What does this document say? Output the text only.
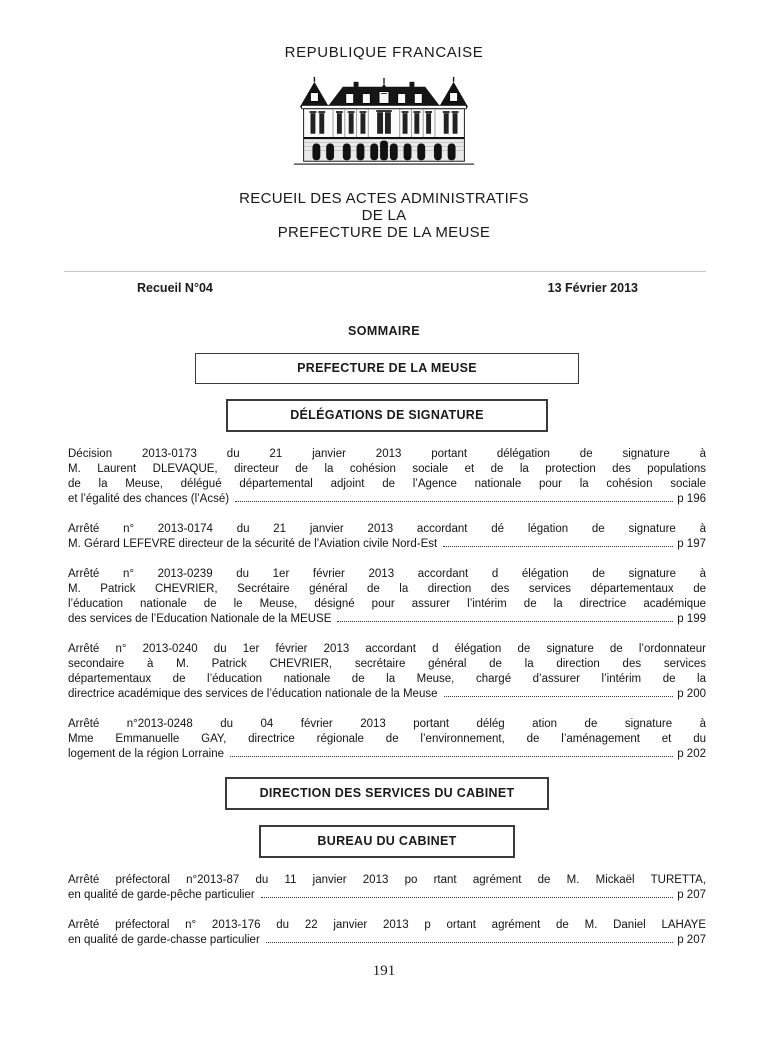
REPUBLIQUE FRANCAISE
RECUEIL DES ACTES ADMINISTRATIFS
DE LA
PREFECTURE DE LA MEUSE
Recueil N°04	13 Février 2013
SOMMAIRE
PREFECTURE DE LA MEUSE
DÉLÉGATIONS DE SIGNATURE
Décision 2013-0173 du 21 janvier 2013 portant délégation de signature à
M. Laurent DLEVAQUE, directeur de la cohésion sociale et de la protection des populations
de la Meuse, délégué départemental adjoint de l’Agence nationale pour la cohésion sociale
et l’égalité des chances (l’Acsé)	p 196
Arrêté n° 2013-0174 du 21 janvier 2013 accordant dé légation de signature à
M. Gérard LEFEVRE directeur de la sécurité de l’Aviation civile Nord-Est	p 197
Arrêté n° 2013-0239 du 1er février 2013 accordant d élégation de signature à
M. Patrick CHEVRIER, Secrétaire général de la direction des services départementaux de
l’éducation nationale de le Meuse, désigné pour assurer l’intérim de la directrice académique
des services de l’Education Nationale de la MEUSE	p 199
Arrêté n° 2013-0240 du 1er février 2013 accordant d élégation de signature de l’ordonnateur
secondaire à M. Patrick CHEVRIER, secrétaire général de la direction des services
départementaux de l’éducation nationale de la Meuse, chargé d’assurer l’intérim de la
directrice académique des services de l’éducation nationale de la Meuse	p 200
Arrêté n°2013-0248 du 04 février 2013 portant délég ation de signature à
Mme Emmanuelle GAY, directrice régionale de l’environnement, de l’aménagement et du
logement de la région Lorraine	p 202
DIRECTION DES SERVICES DU CABINET
BUREAU DU CABINET
Arrêté préfectoral n°2013-87 du 11 janvier 2013 po rtant agrément de M. Mickaël TURETTA,
en qualité de garde-pêche particulier	p 207
Arrêté préfectoral n° 2013-176 du 22 janvier 2013 p ortant agrément de M. Daniel LAHAYE
en qualité de garde-chasse particulier	p 207
191
